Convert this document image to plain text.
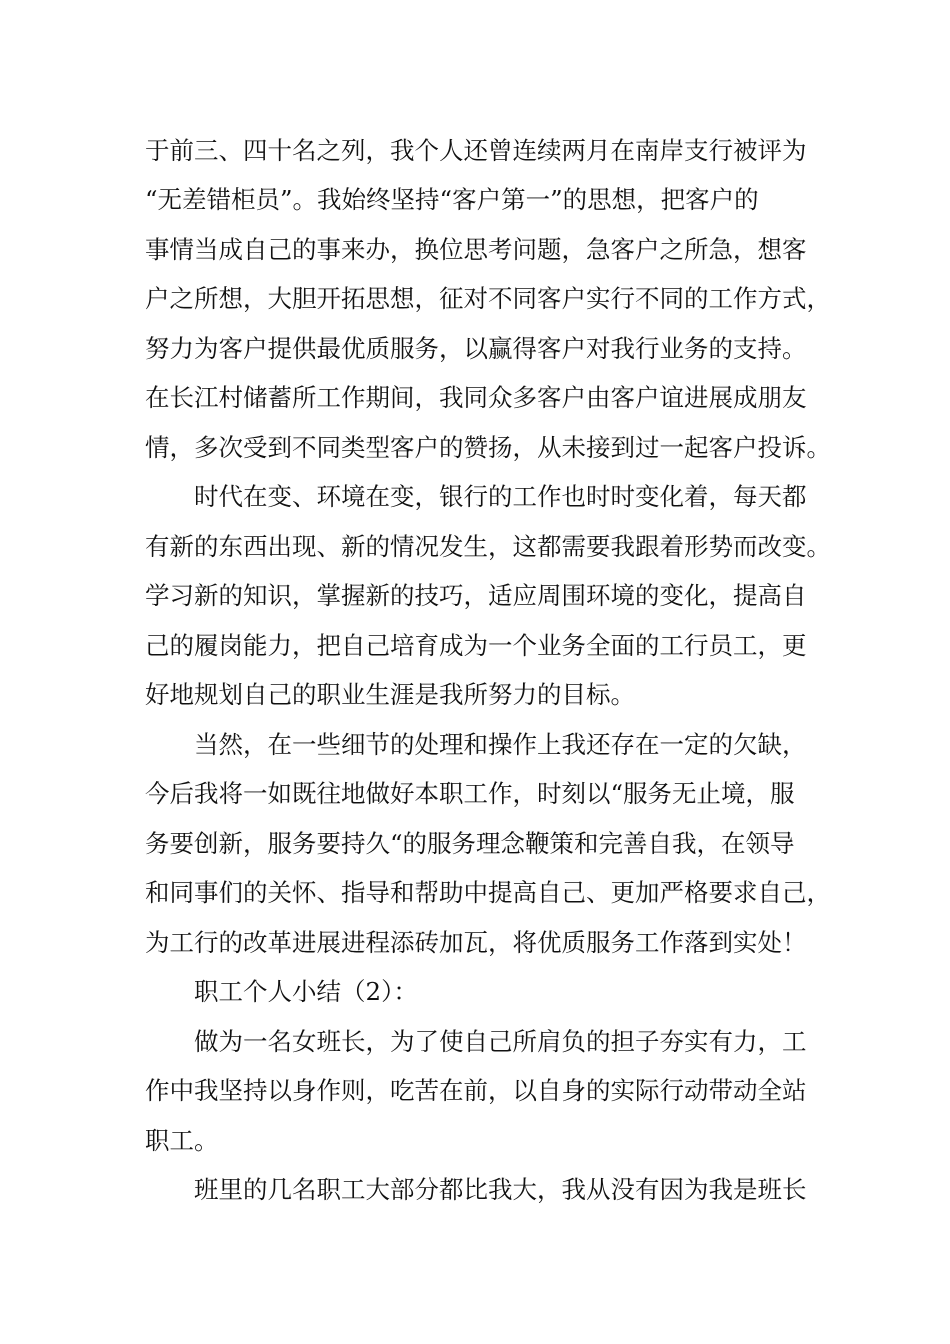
于前三、四十名之列，我个人还曾连续两月在南岸支行被评为
“无差错柜员”。我始终坚持“客户第一”的思想，把客户的
事情当成自己的事来办，换位思考问题，急客户之所急，想客
户之所想，大胆开拓思想，征对不同客户实行不同的工作方式，
努力为客户提供最优质服务，以赢得客户对我行业务的支持。
在长江村储蓄所工作期间，我同众多客户由客户谊进展成朋友
情，多次受到不同类型客户的赞扬，从未接到过一起客户投诉。
时代在变、环境在变，银行的工作也时时变化着，每天都
有新的东西出现、新的情况发生，这都需要我跟着形势而改变。
学习新的知识，掌握新的技巧，适应周围环境的变化，提高自
己的履岗能力，把自己培育成为一个业务全面的工行员工，更
好地规划自己的职业生涯是我所努力的目标。
当然，在一些细节的处理和操作上我还存在一定的欠缺，
今后我将一如既往地做好本职工作，时刻以“服务无止境，服
务要创新，服务要持久“的服务理念鞭策和完善自我，在领导
和同事们的关怀、指导和帮助中提高自己、更加严格要求自己，
为工行的改革进展进程添砖加瓦，将优质服务工作落到实处！
职工个人小结（2）：
做为一名女班长，为了使自己所肩负的担子夯实有力，工
作中我坚持以身作则，吃苦在前，以自身的实际行动带动全站
职工。
班里的几名职工大部分都比我大，我从没有因为我是班长
